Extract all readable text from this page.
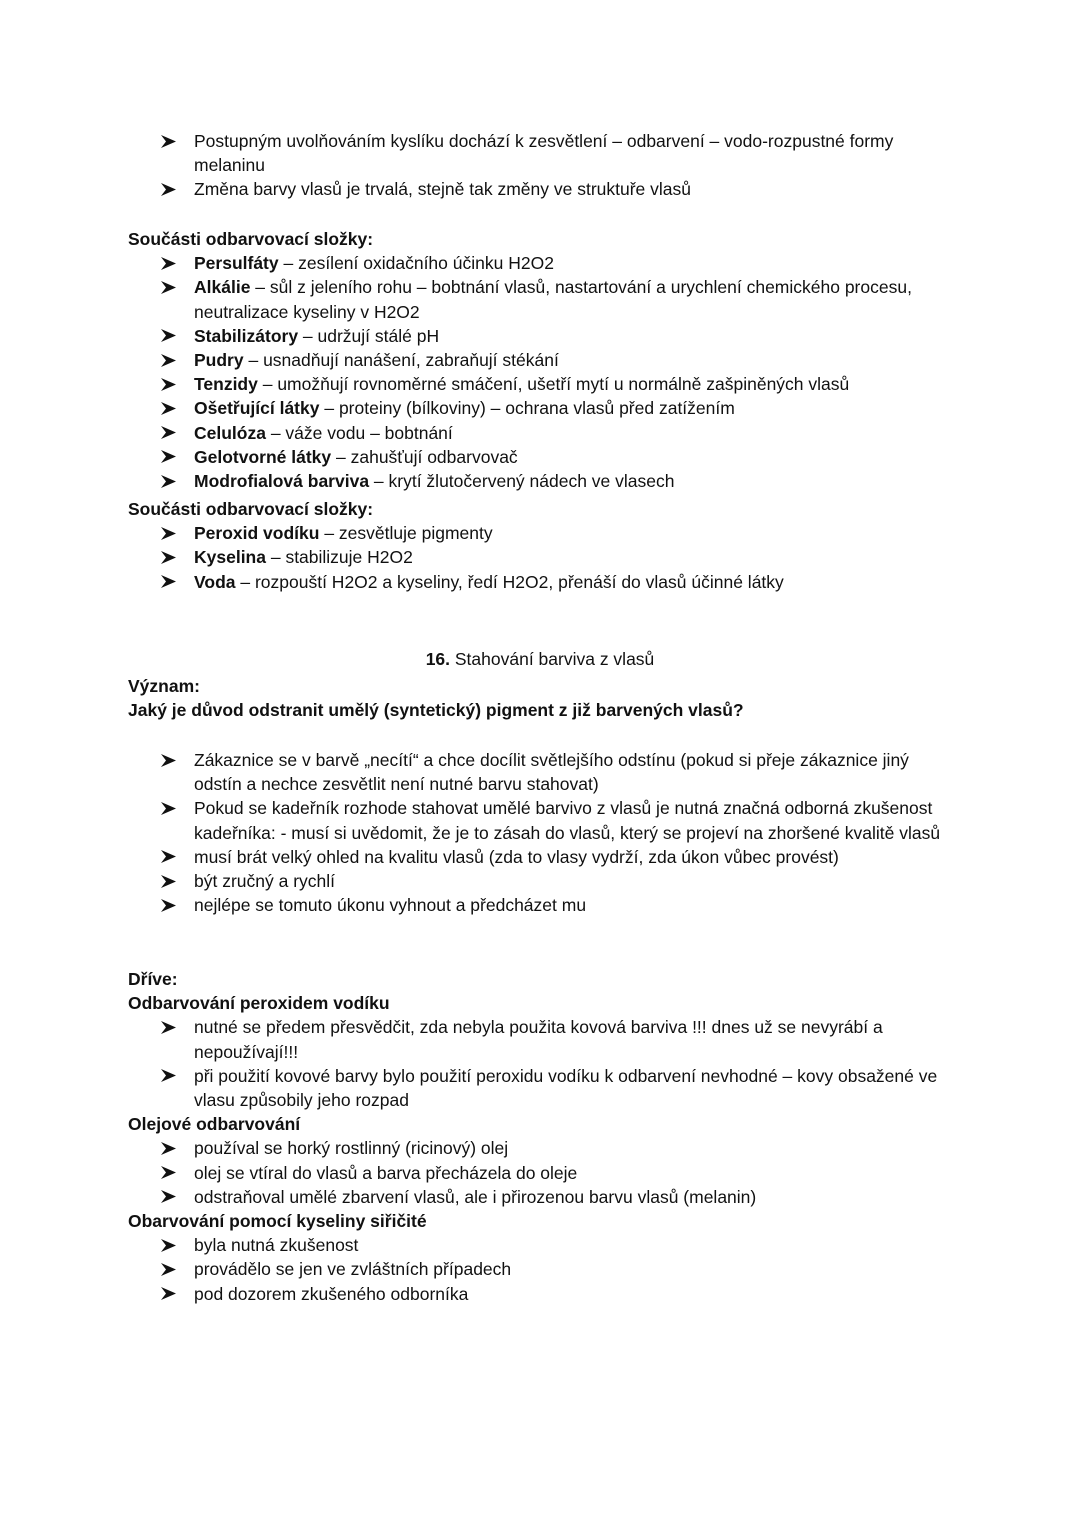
Postupným uvolňováním kyslíku dochází k zesvětlení – odbarvení – vodo-rozpustné formy melaninu
Změna barvy vlasů je trvalá, stejně tak změny ve struktuře vlasů
Součásti odbarvovací složky:
Persulfáty – zesílení oxidačního účinku H2O2
Alkálie – sůl z jeleního rohu – bobtnání vlasů, nastartování a urychlení chemického procesu, neutralizace kyseliny v H2O2
Stabilizátory – udržují stálé pH
Pudry – usnadňují nanášení, zabraňují stékání
Tenzidy – umožňují rovnoměrné smáčení, ušetří mytí u normálně zašpiněných vlasů
Ošetřující látky – proteiny (bílkoviny) – ochrana vlasů před zatížením
Celulóza – váže vodu – bobtnání
Gelotvorné látky – zahušťují odbarvovač
Modrofialová barviva – krytí žlutočervený nádech ve vlasech
Součásti odbarvovací složky:
Peroxid vodíku – zesvětluje pigmenty
Kyselina – stabilizuje H2O2
Voda – rozpouští H2O2 a kyseliny, ředí H2O2, přenáší do vlasů účinné látky
16. Stahování barviva z vlasů
Význam:
Jaký je důvod odstranit umělý (syntetický) pigment z již barvených vlasů?
Zákaznice se v barvě „necítí“ a chce docílit světlejšího odstínu (pokud si přeje zákaznice jiný odstín a nechce zesvětlit není nutné barvu stahovat)
Pokud se kadeřník rozhode stahovat umělé barvivo z vlasů je nutná značná odborná zkušenost kadeřníka: - musí si uvědomit, že je to zásah do vlasů, který se projeví na zhoršené kvalitě vlasů
musí brát velký ohled na kvalitu vlasů (zda to vlasy vydrží, zda úkon vůbec provést)
být zručný a rychlí
nejlépe se tomuto úkonu vyhnout a předcházet mu
Dříve:
Odbarvování peroxidem vodíku
nutné se předem přesvědčit, zda nebyla použita kovová barviva !!! dnes už se nevyrábí a nepoužívají!!!
při použití kovové barvy bylo použití peroxidu vodíku k odbarvení nevhodné – kovy obsažené ve vlasu způsobily jeho rozpad
Olejové odbarvování
používal se horký rostlinný (ricinový) olej
olej se vtíral do vlasů a barva přecházela do oleje
odstraňoval umělé zbarvení vlasů, ale i přirozenou barvu vlasů (melanin)
Obarvování pomocí kyseliny siřičité
byla nutná zkušenost
provádělo se jen ve zvláštních případech
pod dozorem zkušeného odborníka
